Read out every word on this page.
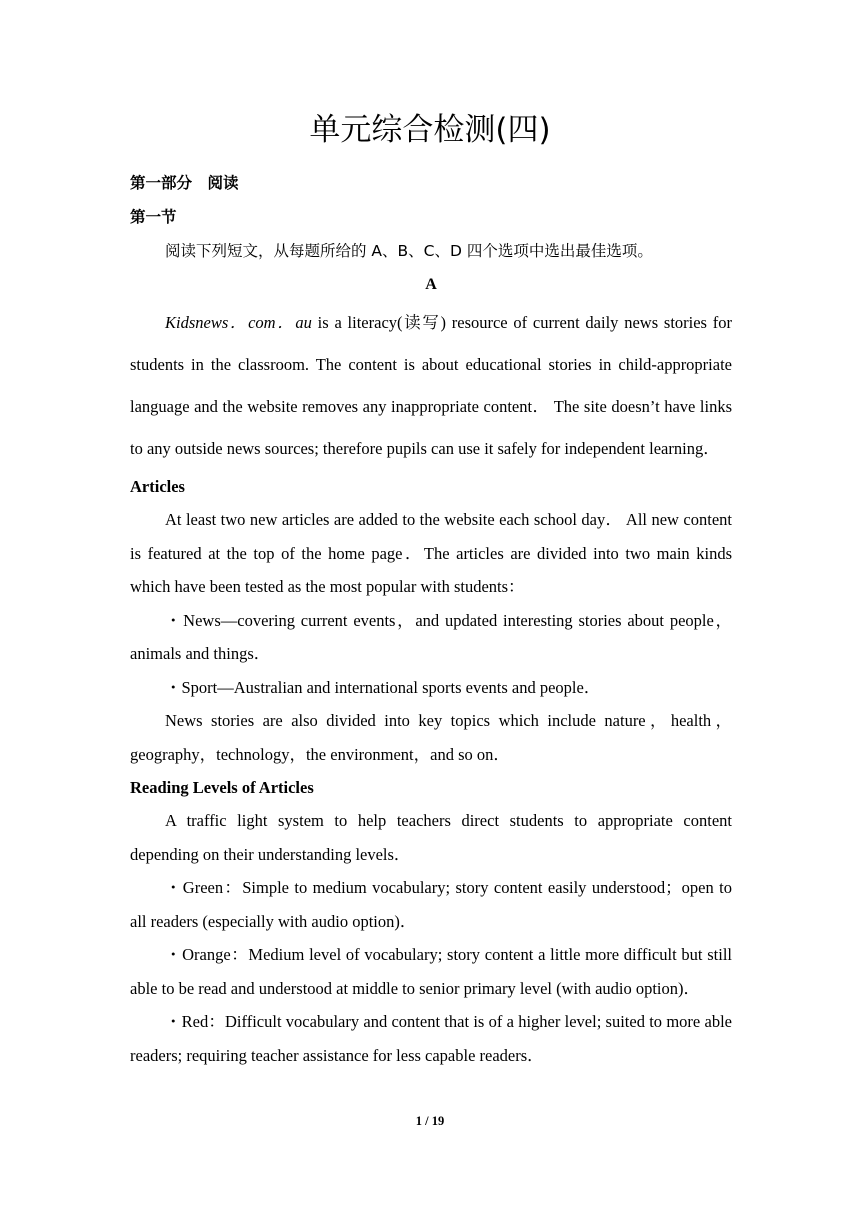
单元综合检测(四)
第一部分　阅读
第一节
阅读下列短文，从每题所给的 A、B、C、D 四个选项中选出最佳选项。
A

Kidsnews．com．au is a literacy(读写) resource of current daily news stories for students in the classroom. The content is about educational stories in child-appropriate language and the website removes any inappropriate content． The site doesn’t have links to any outside news sources; therefore pupils can use it safely for independent learning．

Articles

At least two new articles are added to the website each school day． All new content is featured at the top of the home page．The articles are divided into two main kinds which have been tested as the most popular with students：

・News—covering current events，and updated interesting stories about people，animals and things．

・Sport—Australian and international sports events and people．

News stories are also divided into key topics which include nature，health，geography，technology，the environment，and so on．

Reading Levels of Articles

A traffic light system to help teachers direct students to appropriate content depending on their understanding levels．

・Green：Simple to medium vocabulary; story content easily understood；open to all readers (especially with audio option)．

・Orange：Medium level of vocabulary; story content a little more difficult but still able to be read and understood at middle to senior primary level (with audio option)．

・Red：Difficult vocabulary and content that is of a higher level; suited to more able readers; requiring teacher assistance for less capable readers．

1 / 19
